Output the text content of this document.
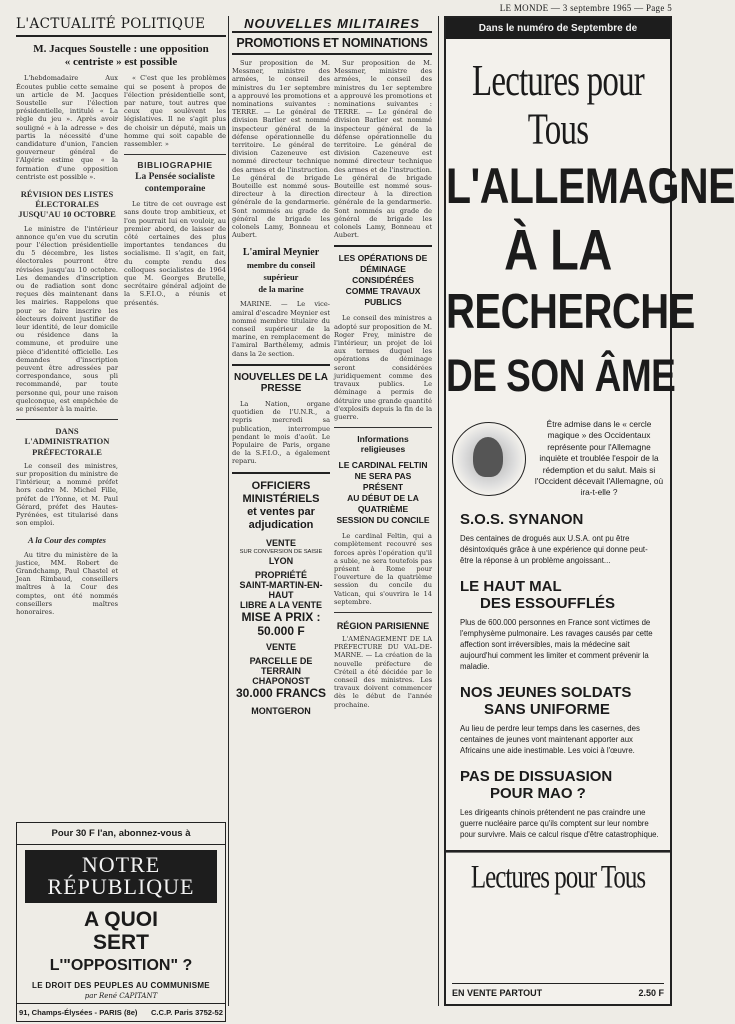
LE MONDE — 3 septembre 1965 — Page 5
L'ACTUALITÉ POLITIQUE
M. Jacques Soustelle : une opposition
« centriste » est possible

L'hebdomadaire Aux Écoutes publie cette semaine un article de M. Jacques Soustelle sur l'élection présidentielle, intitulé « La règle du jeu ». Après avoir souligné « à la adresse » des partis la nécessité d'une candidature d'union, l'ancien gouverneur général de l'Algérie estime que « la formation d'une opposition centriste est possible ».

RÉVISION DES LISTES ÉLECTORALES JUSQU'AU 10 OCTOBRE

Le ministre de l'intérieur annonce qu'en vue du scrutin pour l'élection présidentielle du 5 décembre, les listes électorales pourront être révisées jusqu'au 10 octobre. Les demandes d'inscription ou de radiation sont donc reçues dès maintenant dans les mairies. Rappelons que pour se faire inscrire les électeurs doivent justifier de leur identité, de leur domicile ou résidence dans la commune, et produire une pièce d'identité officielle. Les demandes d'inscription peuvent être adressées par correspondance, sous pli recommandé, par toute personne qui, pour une raison quelconque, est empêchée de se présenter à la mairie.

DANS L'ADMINISTRATION
PRÉFECTORALE

Le conseil des ministres, sur proposition du ministre de l'intérieur, a nommé préfet hors cadre M. Michel Fille, préfet de l'Yonne, et M. Paul Gérard, préfet des Hautes-Pyrénées, est titularisé dans son emploi.

A la Cour des comptes

Au titre du ministère de la justice, MM. Robert de Grandchamp, Paul Chastel et Jean Rimbaud, conseillers maîtres à la Cour des comptes, ont été nommés conseillers maîtres honoraires.

« C'est que les problèmes qui se posent à propos de l'élection présidentielle sont, par nature, tout autres que ceux que soulèvent les législatives. Il ne s'agit plus de choisir un député, mais un homme qui soit capable de rassembler. »

BIBLIOGRAPHIE
La Pensée socialiste
contemporaine

Le titre de cet ouvrage est sans doute trop ambitieux, et l'on pourrait lui en vouloir, au premier abord, de laisser de côté certaines des plus importantes tendances du socialisme. Il s'agit, en fait, du compte rendu des colloques socialistes de 1964 que M. Georges Brutelle, secrétaire général adjoint de la S.F.I.O., a réunis et présentés.

Pour 30 F l'an, abonnez-vous à
NOTRE
RÉPUBLIQUE
A QUOI
SERT
L'"OPPOSITION" ?
LE DROIT DES PEUPLES AU COMMUNISME
par René CAPITANT
91, Champs-Élysées - PARIS (8e) C.C.P. Paris 3752-52
NOUVELLES MILITAIRES
PROMOTIONS ET NOMINATIONS

Sur proposition de M. Messmer, ministre des armées, le conseil des ministres du 1er septembre a approuvé les promotions et nominations suivantes : TERRE. — Le général de division Barlier est nommé inspecteur général de la défense opérationnelle du territoire. Le général de division Cazeneuve est nommé directeur technique des armes et de l'instruction. Le général de brigade Bouteille est nommé sous-directeur à la direction générale de la gendarmerie. Sont nommés au grade de général de brigade les colonels Lamy, Bonneau et Aubert.

L'amiral Meynier
membre du conseil supérieur
de la marine

MARINE. — Le vice-amiral d'escadre Meynier est nommé membre titulaire du conseil supérieur de la marine, en remplacement de l'amiral Barthélemy, admis dans la 2e section.

NOUVELLES DE LA PRESSE

La Nation, organe quotidien de l'U.N.R., a repris mercredi sa publication, interrompue pendant le mois d'août. Le Populaire de Paris, organe de la S.F.I.O., a également reparu.

OFFICIERS MINISTÉRIELS
et ventes par adjudication
VENTE
SUR CONVERSION DE SAISIE
LYON
PROPRIÉTÉ
SAINT-MARTIN-EN-HAUT
LIBRE A LA VENTE
MISE A PRIX : 50.000 F
VENTE
PARCELLE DE TERRAIN
CHAPONOST
30.000 FRANCS
MONTGERON

Sur proposition de M. Messmer, ministre des armées, le conseil des ministres du 1er septembre a approuvé les promotions et nominations suivantes : TERRE. — Le général de division Barlier est nommé inspecteur général de la défense opérationnelle du territoire. Le général de division Cazeneuve est nommé directeur technique des armes et de l'instruction. Le général de brigade Bouteille est nommé sous-directeur à la direction générale de la gendarmerie. Sont nommés au grade de général de brigade les colonels Lamy, Bonneau et Aubert.

LES OPÉRATIONS DE DÉMINAGE
CONSIDÉRÉES
COMME TRAVAUX PUBLICS

Le conseil des ministres a adopté sur proposition de M. Roger Frey, ministre de l'intérieur, un projet de loi aux termes duquel les opérations de déminage seront considérées juridiquement comme des travaux publics. Le déminage a permis de détruire une grande quantité d'explosifs depuis la fin de la guerre.

Informations religieuses
LE CARDINAL FELTIN
NE SERA PAS PRÉSENT
AU DÉBUT DE LA QUATRIÈME
SESSION DU CONCILE

Le cardinal Feltin, qui a complètement recouvré ses forces après l'opération qu'il a subie, ne sera toutefois pas présent à Rome pour l'ouverture de la quatrième session du concile du Vatican, qui s'ouvrira le 14 septembre.

RÉGION PARISIENNE

L'AMÉNAGEMENT DE LA PRÉFECTURE DU VAL-DE-MARNE. — La création de la nouvelle préfecture de Créteil a été décidée par le conseil des ministres. Les travaux doivent commencer dès le début de l'année prochaine.

Dans le numéro de Septembre de
Lectures pour Tous
L'ALLEMAGNE
À LA
RECHERCHE
DE SON ÂME
Être admise dans le « cercle magique » des Occidentaux représente pour l'Allemagne inquiète et troublée l'espoir de la rédemption et du salut. Mais si l'Occident décevait l'Allemagne, où ira-t-elle ?
S.O.S. SYNANON
Des centaines de drogués aux U.S.A. ont pu être désintoxiqués grâce à une expérience qui donne peut-être la réponse à un problème angoissant...
LE HAUT MAL
DES ESSOUFFLÉS
Plus de 600.000 personnes en France sont victimes de l'emphysème pulmonaire. Les ravages causés par cette affection sont irréversibles, mais la médecine sait aujourd'hui comment les limiter et comment prévenir la maladie.
NOS JEUNES SOLDATS
SANS UNIFORME
Au lieu de perdre leur temps dans les casernes, des centaines de jeunes vont maintenant apporter aux Africains une aide inestimable. Les voici à l'œuvre.
PAS DE DISSUASION
POUR MAO ?
Les dirigeants chinois prétendent ne pas craindre une guerre nucléaire parce qu'ils comptent sur leur nombre pour survivre. Mais ce calcul risque d'être catastrophique.
Lectures pour Tous
EN VENTE PARTOUT	2.50 F
